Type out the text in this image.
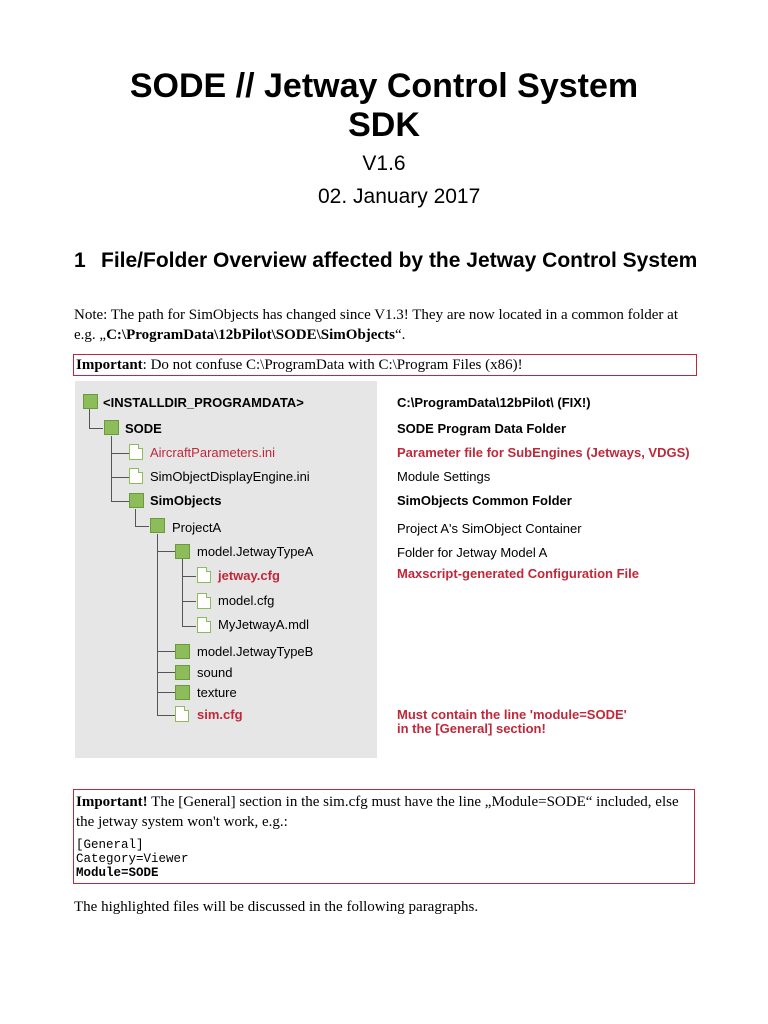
SODE // Jetway Control System
SDK
V1.6
02. January 2017
1 File/Folder Overview affected by the Jetway Control System
Note: The path for SimObjects has changed since V1.3! They are now located in a common folder at e.g. „C:\ProgramData\12bPilot\SODE\SimObjects“.
Important: Do not confuse C:\ProgramData with C:\Program Files (x86)!
<INSTALLDIR_PROGRAMDATA>
SODE
AircraftParameters.ini
SimObjectDisplayEngine.ini
SimObjects
ProjectA
model.JetwayTypeA
jetway.cfg
model.cfg
MyJetwayA.mdl
model.JetwayTypeB
sound
texture
sim.cfg
C:\ProgramData\12bPilot\ (FIX!)
SODE Program Data Folder
Parameter file for SubEngines (Jetways, VDGS)
Module Settings
SimObjects Common Folder
Project A's SimObject Container
Folder for Jetway Model A
Maxscript-generated Configuration File
Must contain the line 'module=SODE'
in the [General] section!
Important! The [General] section in the sim.cfg must have the line „Module=SODE“ included, else the jetway system won't work, e.g.:
[General]
Category=Viewer
Module=SODE
The highlighted files will be discussed in the following paragraphs.
